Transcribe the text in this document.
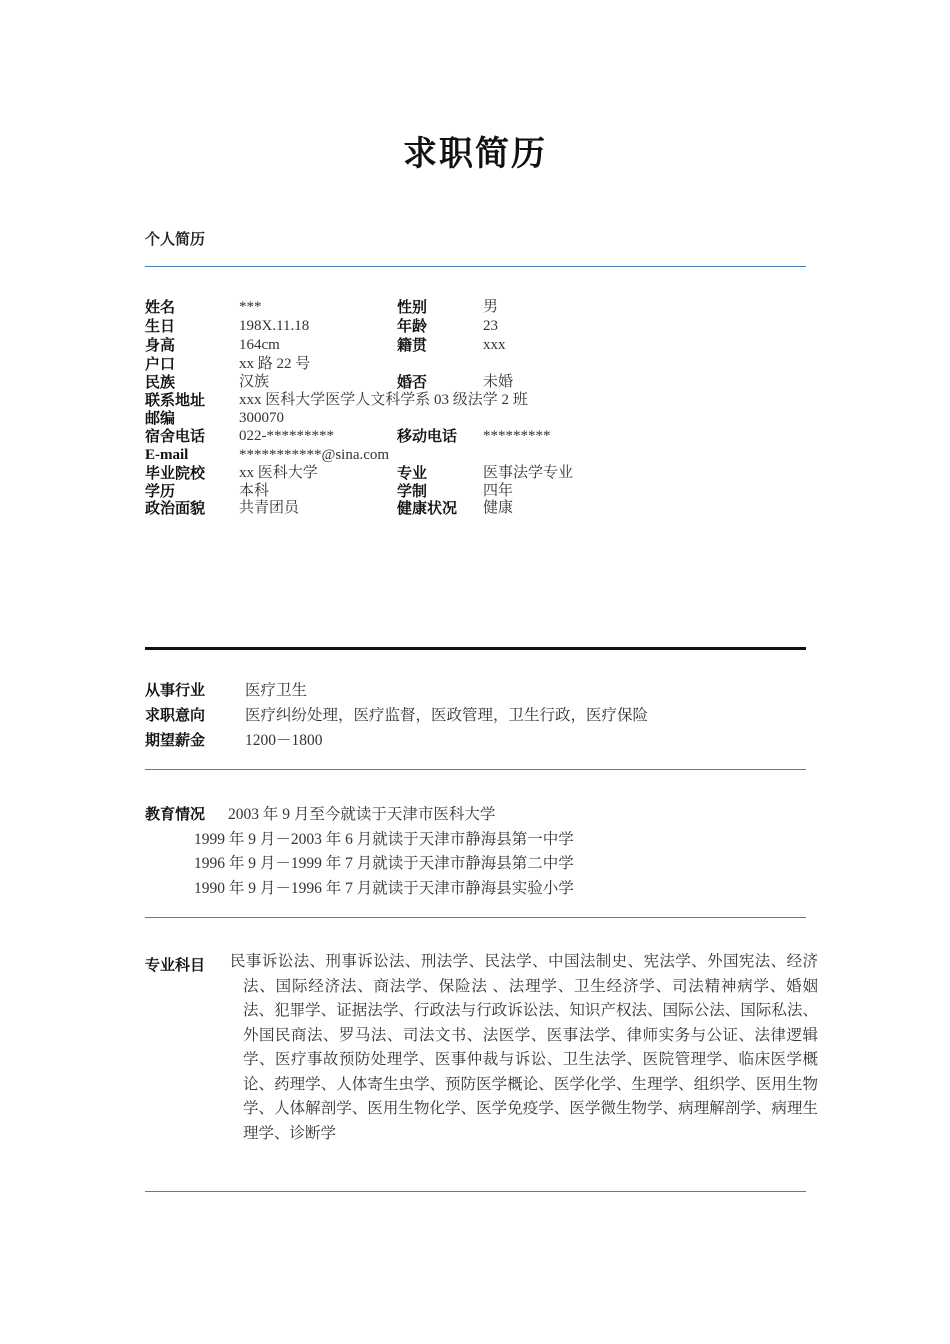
求职简历
个人简历
姓名	***	性别	男
生日	198X.11.18	年龄	23
身高	164cm	籍贯	xxx
户口	xx 路 22 号
民族	汉族	婚否	未婚
联系地址 xxx 医科大学医学人文科学系 03 级法学 2 班
邮编	300070
宿舍电话 022-*********	移动电话 *********
E-mail	***********@sina.com
毕业院校 xx 医科大学	专业	医事法学专业
学历	本科	学制	四年
政治面貌 共青团员	健康状况 健康
从事行业	医疗卫生
求职意向	医疗纠纷处理，医疗监督，医政管理，卫生行政，医疗保险
期望薪金	1200－1800
教育情况 2003 年 9 月至今就读于天津市医科大学
1999 年 9 月－2003 年 6 月就读于天津市静海县第一中学
1996 年 9 月－1999 年 7 月就读于天津市静海县第二中学
1990 年 9 月－1996 年 7 月就读于天津市静海县实验小学
专业科目 民事诉讼法、刑事诉讼法、刑法学、民法学、中国法制史、宪法学、外国宪法、经济法、国际经济法、商法学、保险法 、法理学、卫生经济学、司法精神病学、婚姻法、犯罪学、证据法学、行政法与行政诉讼法、知识产权法、国际公法、国际私法、外国民商法、罗马法、司法文书、法医学、医事法学、律师实务与公证、法律逻辑学、医疗事故预防处理学、医事仲裁与诉讼、卫生法学、医院管理学、临床医学概论、药理学、人体寄生虫学、预防医学概论、医学化学、生理学、组织学、医用生物学、人体解剖学、医用生物化学、医学免疫学、医学微生物学、病理解剖学、病理生理学、诊断学
